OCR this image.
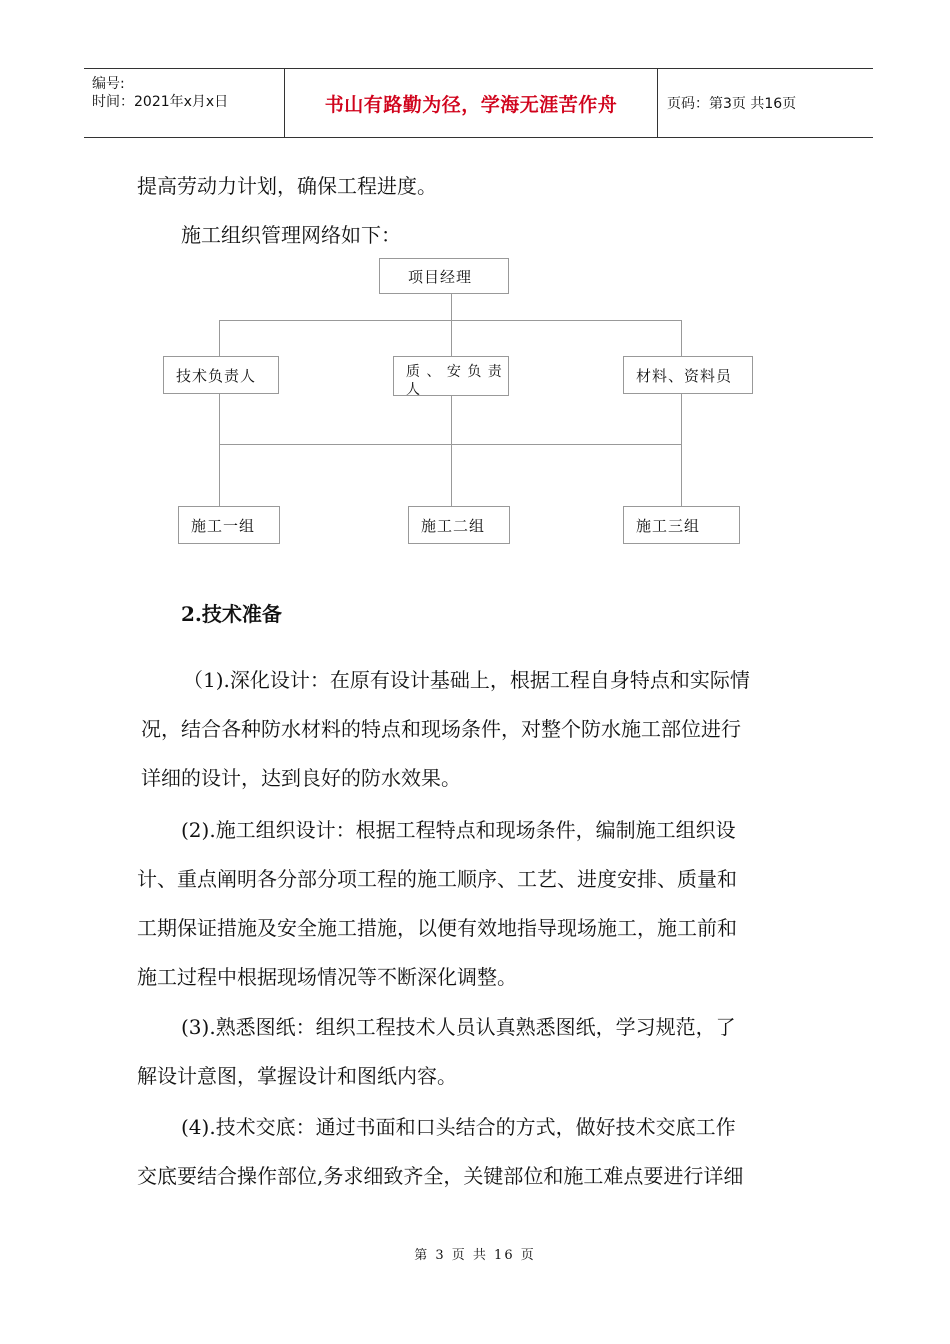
编号:
时间：2021年x月x日	书山有路勤为径，学海无涯苦作舟	页码：第3页 共16页
提高劳动力计划，确保工程进度。
施工组织管理网络如下：
项目经理
技术负责人	质 、 安 负 责 人
材料、资料员
施工一组	施工二组	施工三组
2.技术准备
（1).深化设计：在原有设计基础上，根据工程自身特点和实际情
况，结合各种防水材料的特点和现场条件，对整个防水施工部位进行
详细的设计，达到良好的防水效果。
(2).施工组织设计：根据工程特点和现场条件，编制施工组织设
计、重点阐明各分部分项工程的施工顺序、工艺、进度安排、质量和
工期保证措施及安全施工措施，以便有效地指导现场施工，施工前和
施工过程中根据现场情况等不断深化调整。
(3).熟悉图纸：组织工程技术人员认真熟悉图纸，学习规范，了
解设计意图，掌握设计和图纸内容。
(4).技术交底：通过书面和口头结合的方式，做好技术交底工作
交底要结合操作部位,务求细致齐全，关键部位和施工难点要进行详细
第 3 页 共 16 页
